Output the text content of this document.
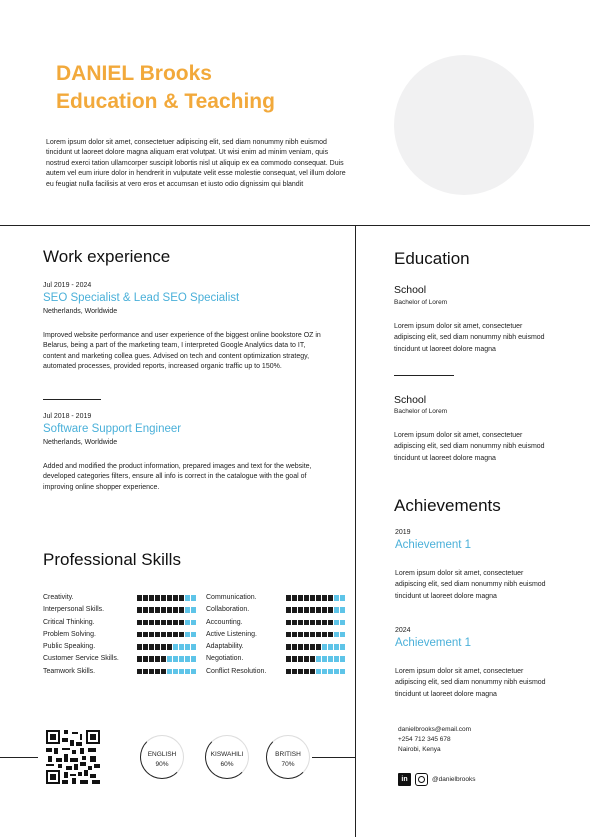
DANIEL Brooks
Education & Teaching

Lorem ipsum dolor sit amet, consectetuer adipiscing elit, sed diam nonummy nibh euismod tincidunt ut laoreet dolore magna aliquam erat volutpat. Ut wisi enim ad minim veniam, quis nostrud exerci tation ullamcorper suscipit lobortis nisl ut aliquip ex ea commodo consequat. Duis autem vel eum iriure dolor in hendrerit in vulputate velit esse molestie consequat, vel illum dolore eu feugiat nulla facilisis at vero eros et accumsan et iusto odio dignissim qui blandit

Work experience
Jul 2019 - 2024
SEO Specialist & Lead SEO Specialist
Netherlands, Worldwide

Improved website performance and user experience of the biggest online bookstore OZ in Belarus, being a part of the marketing team, I interpreted Google Analytics data to IT, content and marketing collea gues. Advised on tech and content optimization strategy, automated processes, provided reports, increased organic traffic up to 150%.

Jul 2018 - 2019
Software Support Engineer
Netherlands, Worldwide

Added and modified the product information, prepared images and text for the website, developed categories filters, ensure all info is correct in the catalogue with the goal of improving online shopper experience.

Professional Skills
Creativity.
Interpersonal Skills.
Critical Thinking.
Problem Solving.
Public Speaking.
Customer Service Skills.
Teamwork Skills.
Communication.
Collaboration.
Accounting.
Active Listening.
Adaptability.
Negotiation.
Conflict Resolution.
ENGLISH
90%
KISWAHILI
60%
BRITISH
70%
Education
School
Bachelor of Lorem

Lorem ipsum dolor sit amet, consectetuer adipiscing elit, sed diam nonummy nibh euismod tincidunt ut laoreet dolore magna

School
Bachelor of Lorem

Lorem ipsum dolor sit amet, consectetuer adipiscing elit, sed diam nonummy nibh euismod tincidunt ut laoreet dolore magna

Achievements
2019
Achievement 1

Lorem ipsum dolor sit amet, consectetuer adipiscing elit, sed diam nonummy nibh euismod tincidunt ut laoreet dolore magna

2024
Achievement 1

Lorem ipsum dolor sit amet, consectetuer adipiscing elit, sed diam nonummy nibh euismod tincidunt ut laoreet dolore magna

danielbrooks@email.com
+254 712 345 678
Nairobi, Kenya
in	@danielbrooks
